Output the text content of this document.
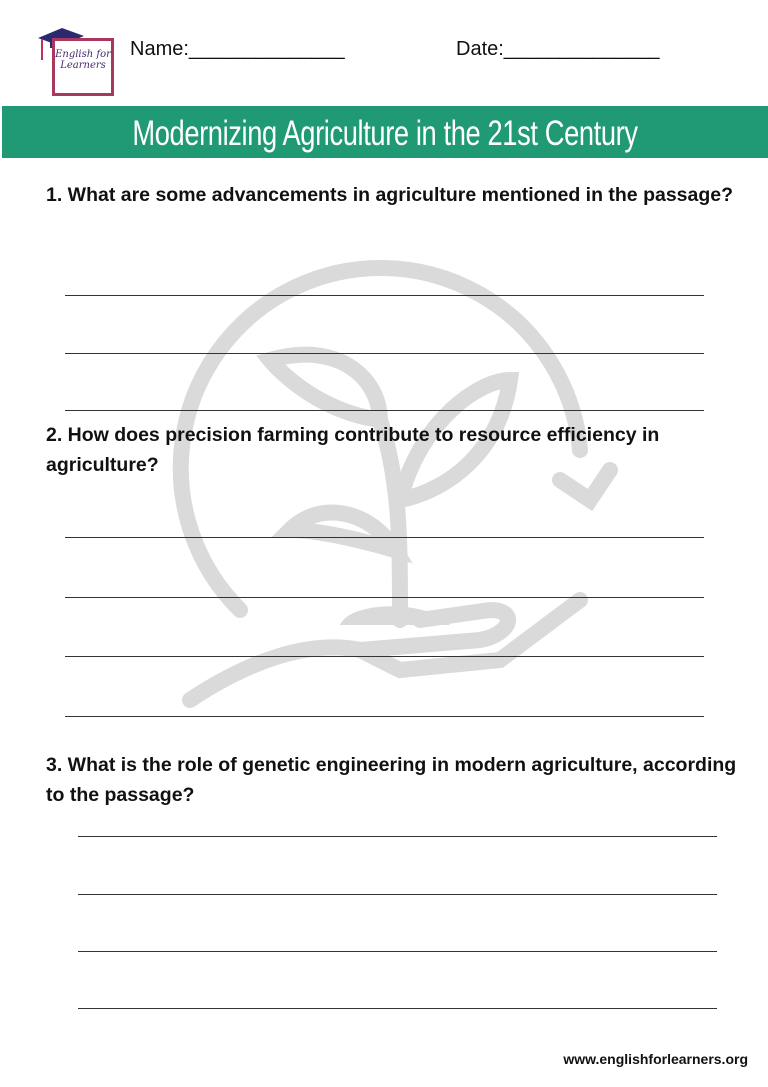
English for Learners
Name:______________	Date:______________
Modernizing Agriculture in the 21st Century
1. What are some advancements in agriculture mentioned in the passage?
2. How does precision farming contribute to resource efficiency in agriculture?
3. What is the role of genetic engineering in modern agriculture, according to the passage?
www.englishforlearners.org
